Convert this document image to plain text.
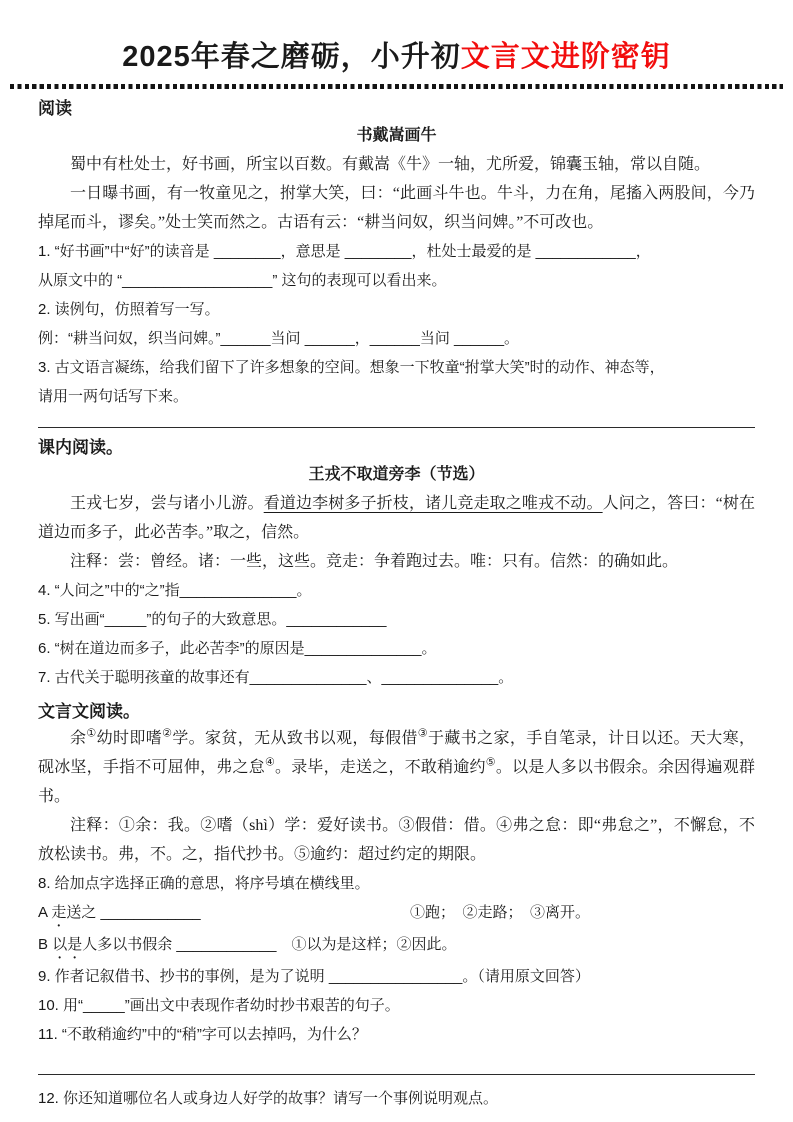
2025年春之磨砺，小升初文言文进阶密钥
阅读

书戴嵩画牛

蜀中有杜处士，好书画，所宝以百数。有戴嵩《牛》一轴，尤所爱，锦囊玉轴，常以自随。

一日曝书画，有一牧童见之，拊掌大笑，曰：“此画斗牛也。牛斗，力在角，尾搐入两股间，今乃掉尾而斗，谬矣。”处士笑而然之。古语有云：“耕当问奴，织当问婢。”不可改也。

1. “好书画”中“好”的读音是 ________，意思是 ________，杜处士最爱的是 ____________，

从原文中的 “__________________” 这句的表现可以看出来。

2. 读例句，仿照着写一写。

例：“耕当问奴，织当问婢。”______当问 ______，______当问 ______。

3. 古文语言凝练，给我们留下了许多想象的空间。想象一下牧童“拊掌大笑”时的动作、神态等，

请用一两句话写下来。

课内阅读。

王戎不取道旁李（节选）

王戎七岁，尝与诸小儿游。看道边李树多子折枝，诸儿竞走取之唯戎不动。人问之，答曰：“树在道边而多子，此必苦李。”取之，信然。

注释：尝：曾经。诸：一些，这些。竞走：争着跑过去。唯：只有。信然：的确如此。

4. “人问之”中的“之”指______________。

5. 写出画“_____”的句子的大致意思。____________

6. “树在道边而多子，此必苦李”的原因是______________。

7. 古代关于聪明孩童的故事还有______________、______________。

文言文阅读。

余①幼时即嗜②学。家贫，无从致书以观，每假借③于藏书之家，手自笔录，计日以还。天大寒，砚冰坚，手指不可屈伸，弗之怠④。录毕，走送之，不敢稍逾约⑤。以是人多以书假余。余因得遍观群书。

注释：①余：我。②嗜（shì）学：爱好读书。③假借：借。④弗之怠：即“弗怠之”，不懈怠，不放松读书。弗，不。之，指代抄书。⑤逾约：超过约定的期限。

8. 给加点字选择正确的意思，将序号填在横线里。

A 走送之 ____________	①跑；　②走路；　③离开。

B 以是人多以书假余 ____________　①以为是这样；②因此。

9. 作者记叙借书、抄书的事例，是为了说明 ________________。（请用原文回答）

10. 用“_____”画出文中表现作者幼时抄书艰苦的句子。

11. “不敢稍逾约”中的“稍”字可以去掉吗，为什么？

12. 你还知道哪位名人或身边人好学的故事？请写一个事例说明观点。
